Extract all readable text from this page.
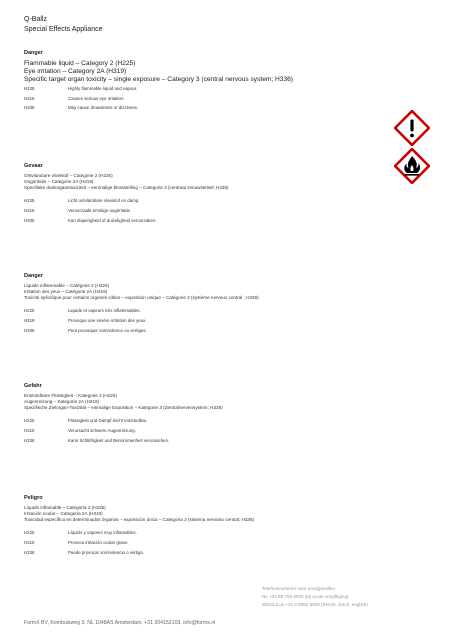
Q-Ballz
Special Effects Appliance
Danger
Flammable liquid – Category 2 (H225)
Eye irritation – Category 2A (H319)
Specific target organ toxicity – single exposure – Category 3 (central nervous system; H336)
H225	Highly flammable liquid and vapour.
H319	Causes serious eye irritation.
H336	May cause drowsiness or dizziness.
Gevaar
Ontvlambare vloeistof – Categorie 2 (H225)
Oogirritatie – Categorie 2A (H319)
Specifieke doelorgaantoxiciteit – eenmalige blootstelling – Categorie 3 (centraal zenuwstelsel; H336)
H225	Licht ontvlambare vloeistof en damp.
H319	Veroorzaakt ernstige oogirritatie.
H336	Kan slaperigheid of duizeligheid veroorzaken.
Danger
Liquide inflammable – Catégorie 2 (H225)
Irritation des yeux – Catégorie 2A (H319)
Toxicité spécifique pour certains organes cibles – exposition unique – Catégorie 3 (système nerveux central ; H336)
H225	Liquide et vapeurs très inflammables.
H319	Provoque une sévère irritation des yeux.
H336	Peut provoquer somnolence ou vertiges.
Gefahr
Entzündbare Flüssigkeit – Kategorie 2 (H225)
Augenreizung – Kategorie 2A (H319)
Spezifische Zielorgan-Toxizität – einmalige Exposition – Kategorie 3 (Zentralnervensystem; H336)
H225	Flüssigkeit und Dampf leicht entzündbar.
H319	Verursacht schwere Augenreizung.
H336	Kann Schläfrigkeit und Benommenheit verursachen.
Peligro
Líquido inflamable – Categoría 2 (H225)
Irritación ocular – Categoría 2A (H319)
Toxicidad específica en determinados órganos – exposición única – Categoría 3 (sistema nervioso central; H336)
H225	Líquido y vapores muy inflamables.
H319	Provoca irritación ocular grave.
H336	Puede provocar somnolencia o vértigo.
Telefoonnummer voor noodgevallen
NL +31 88 755 8000 (bij acute vergiftiging)
BE/NL/Lux +32 3 8092 6800 (french, dutch, english)
FormX BV, Kombuisweg 3, NL 1048AS Amsterdam, +31 204152103, info@formx.nl
